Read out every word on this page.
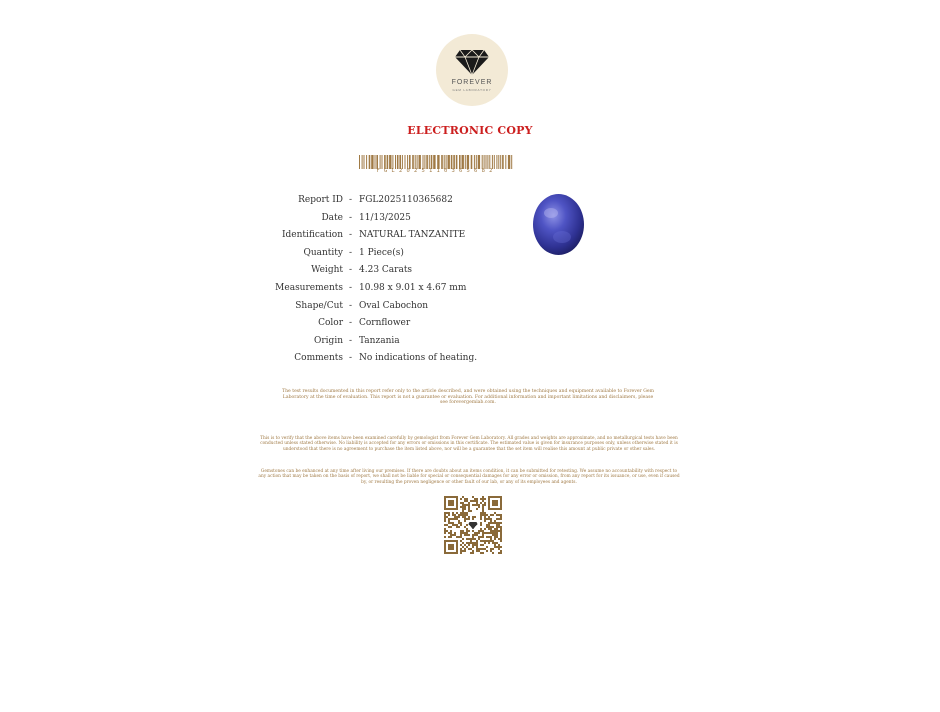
FOREVER
GEM LABORATORY
ELECTRONIC COPY
FGL2025110365682
Report ID - FGL2025110365682
Date - 11/13/2025
Identification - NATURAL TANZANITE
Quantity - 1 Piece(s)
Weight - 4.23 Carats
Measurements - 10.98 x 9.01 x 4.67 mm
Shape/Cut - Oval Cabochon
Color - Cornflower
Origin - Tanzania
Comments - No indications of heating.
The test results documented in this report refer only to the article described, and were obtained using the techniques and equipment available to Forever Gem Laboratory at the time of evaluation. This report is not a guarantee or evaluation. For additional information and important limitations and disclaimers, please see forevergemlab.com.
This is to verify that the above items have been examined carefully by gemologist from Forever Gem Laboratory. All grades and weights are approximate, and no metallurgical tests have been conducted unless stated otherwise. No liability is accepted for any errors or omissions in this certificate. The estimated value is given for insurance purposes only, unless otherwise stated it is understood that there is no agreement to purchase the item listed above, nor will be a guarantee that the set item will realise this amount at public private or other sales.
Gemstones can be enhanced at any time after living our premises. If there are doubts about an items condition, it can be submitted for retesting. We assume no accountability with respect to any action that may be taken on the basis of report, we shall not be liable for special or consequential damages for any error or omission, from any report for its issuance, or use, even if caused by, or resulting the proven negligence or other fault of our lab, or any of its employees and agents.
